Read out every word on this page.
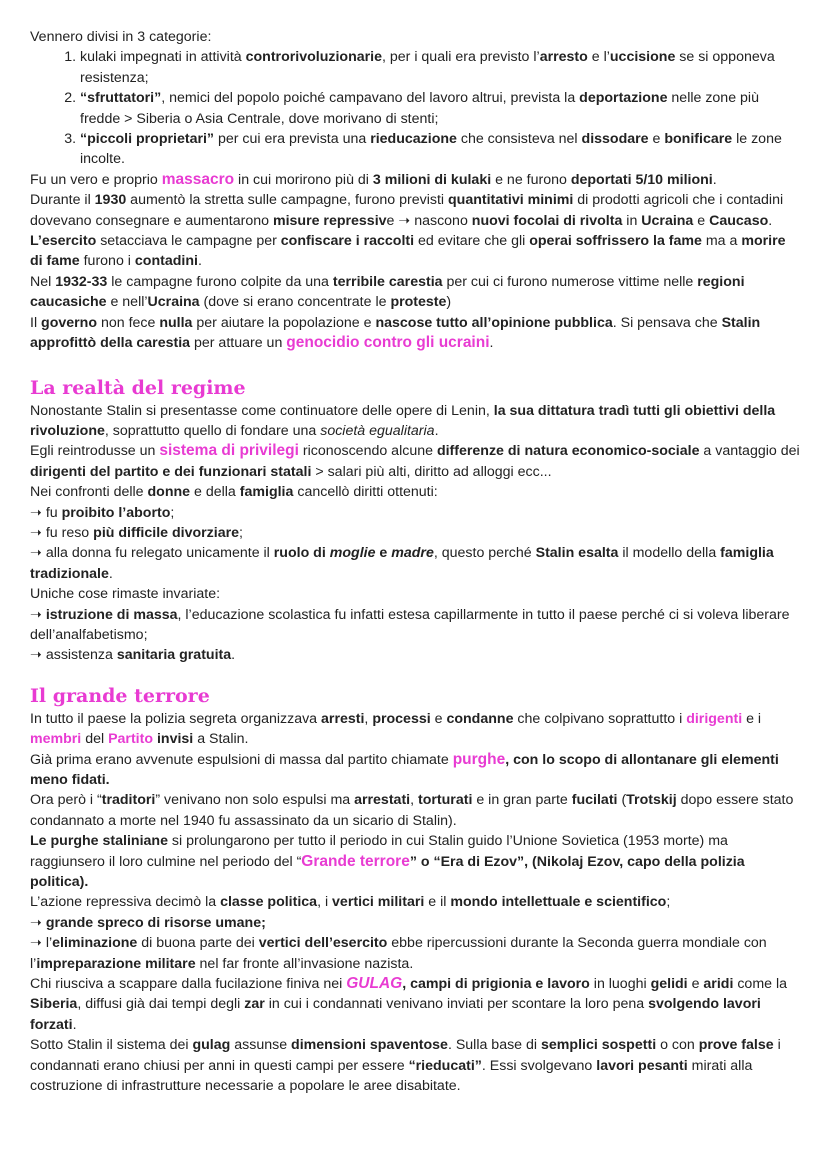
Vennero divisi in 3 categorie:

1. kulaki impegnati in attività controrivoluzionarie, per i quali era previsto l’arresto e l’uccisione se si opponeva resistenza;
2. “sfruttatori”, nemici del popolo poiché campavano del lavoro altrui, prevista la deportazione nelle zone più fredde > Siberia o Asia Centrale, dove morivano di stenti;
3. “piccoli proprietari” per cui era prevista una rieducazione che consisteva nel dissodare e bonificare le zone incolte.

Fu un vero e proprio massacro in cui morirono più di 3 milioni di kulaki e ne furono deportati 5/10 milioni.

Durante il 1930 aumentò la stretta sulle campagne, furono previsti quantitativi minimi di prodotti agricoli che i contadini dovevano consegnare e aumentarono misure repressive ➝ nascono nuovi focolai di rivolta in Ucraina e Caucaso.

L’esercito setacciava le campagne per confiscare i raccolti ed evitare che gli operai soffrissero la fame ma a morire di fame furono i contadini.

Nel 1932-33 le campagne furono colpite da una terribile carestia per cui ci furono numerose vittime nelle regioni caucasiche e nell’Ucraina (dove si erano concentrate le proteste)

Il governo non fece nulla per aiutare la popolazione e nascose tutto all’opinione pubblica. Si pensava che Stalin approfittò della carestia per attuare un genocidio contro gli ucraini.

La realtà del regime

Nonostante Stalin si presentasse come continuatore delle opere di Lenin, la sua dittatura tradì tutti gli obiettivi della rivoluzione, soprattutto quello di fondare una società egualitaria.

Egli reintrodusse un sistema di privilegi riconoscendo alcune differenze di natura economico-sociale a vantaggio dei dirigenti del partito e dei funzionari statali > salari più alti, diritto ad alloggi ecc...

Nei confronti delle donne e della famiglia cancellò diritti ottenuti:

➝ fu proibito l’aborto;

➝ fu reso più difficile divorziare;

➝ alla donna fu relegato unicamente il ruolo di moglie e madre, questo perché Stalin esalta il modello della famiglia tradizionale.

Uniche cose rimaste invariate:

➝ istruzione di massa, l’educazione scolastica fu infatti estesa capillarmente in tutto il paese perché ci si voleva liberare dell’analfabetismo;

➝ assistenza sanitaria gratuita.

Il grande terrore

In tutto il paese la polizia segreta organizzava arresti, processi e condanne che colpivano soprattutto i dirigenti e i membri del Partito invisi a Stalin.

Già prima erano avvenute espulsioni di massa dal partito chiamate purghe, con lo scopo di allontanare gli elementi meno fidati.

Ora però i “traditori” venivano non solo espulsi ma arrestati, torturati e in gran parte fucilati (Trotskij dopo essere stato condannato a morte nel 1940 fu assassinato da un sicario di Stalin).

Le purghe staliniane si prolungarono per tutto il periodo in cui Stalin guido l’Unione Sovietica (1953 morte) ma raggiunsero il loro culmine nel periodo del “Grande terrore” o “Era di Ezov”, (Nikolaj Ezov, capo della polizia politica).

L’azione repressiva decimò la classe politica, i vertici militari e il mondo intellettuale e scientifico;

➝ grande spreco di risorse umane;

➝ l’eliminazione di buona parte dei vertici dell’esercito ebbe ripercussioni durante la Seconda guerra mondiale con l’impreparazione militare nel far fronte all’invasione nazista.

Chi riusciva a scappare dalla fucilazione finiva nei GULAG, campi di prigionia e lavoro in luoghi gelidi e aridi come la Siberia, diffusi già dai tempi degli zar in cui i condannati venivano inviati per scontare la loro pena svolgendo lavori forzati.

Sotto Stalin il sistema dei gulag assunse dimensioni spaventose. Sulla base di semplici sospetti o con prove false i condannati erano chiusi per anni in questi campi per essere “rieducati”. Essi svolgevano lavori pesanti mirati alla costruzione di infrastrutture necessarie a popolare le aree disabitate.
